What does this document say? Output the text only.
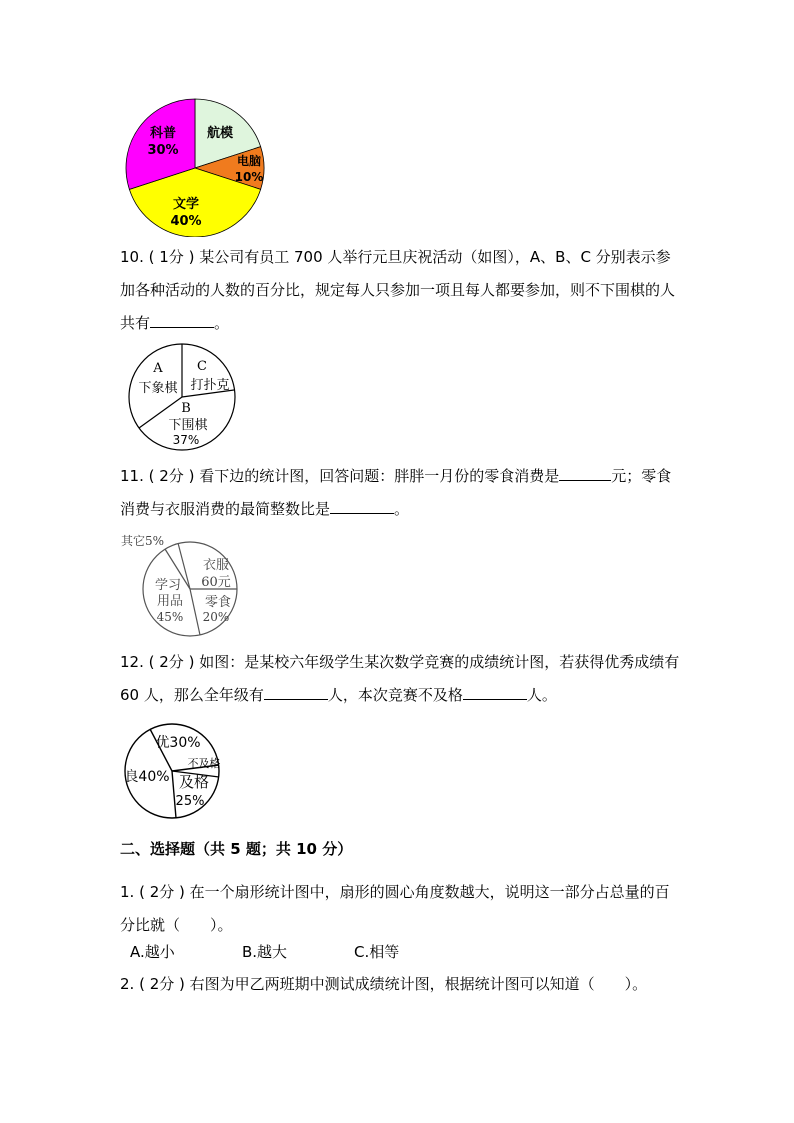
航模
电脑
10%
文学
40%
科普
30%

10. ( 1分 ) 某公司有员工 700 人举行元旦庆祝活动（如图），A、B、C 分别表示参加各种活动的人数的百分比，规定每人只参加一项且每人都要参加，则不下围棋的人共有	。

A
下象棋
C
打扑克
B
下围棋
37%

11. ( 2分 ) 看下边的统计图，回答问题：胖胖一月份的零食消费是	元；零食消费与衣服消费的最简整数比是	。

其它5%
衣服
60元
零食
20%
学习
用品
45%

12. ( 2分 ) 如图：是某校六年级学生某次数学竞赛的成绩统计图，若获得优秀成绩有 60 人，那么全年级有	人，本次竞赛不及格	人。

优30%
不及格
及格
25%
良40%

二、选择题（共 5 题；共 10 分）

1. ( 2分 ) 在一个扇形统计图中，扇形的圆心角度数越大，说明这一部分占总量的百分比就（　　）。

A.越小	B.越大	C.相等

2. ( 2分 ) 右图为甲乙两班期中测试成绩统计图，根据统计图可以知道（　　）。
